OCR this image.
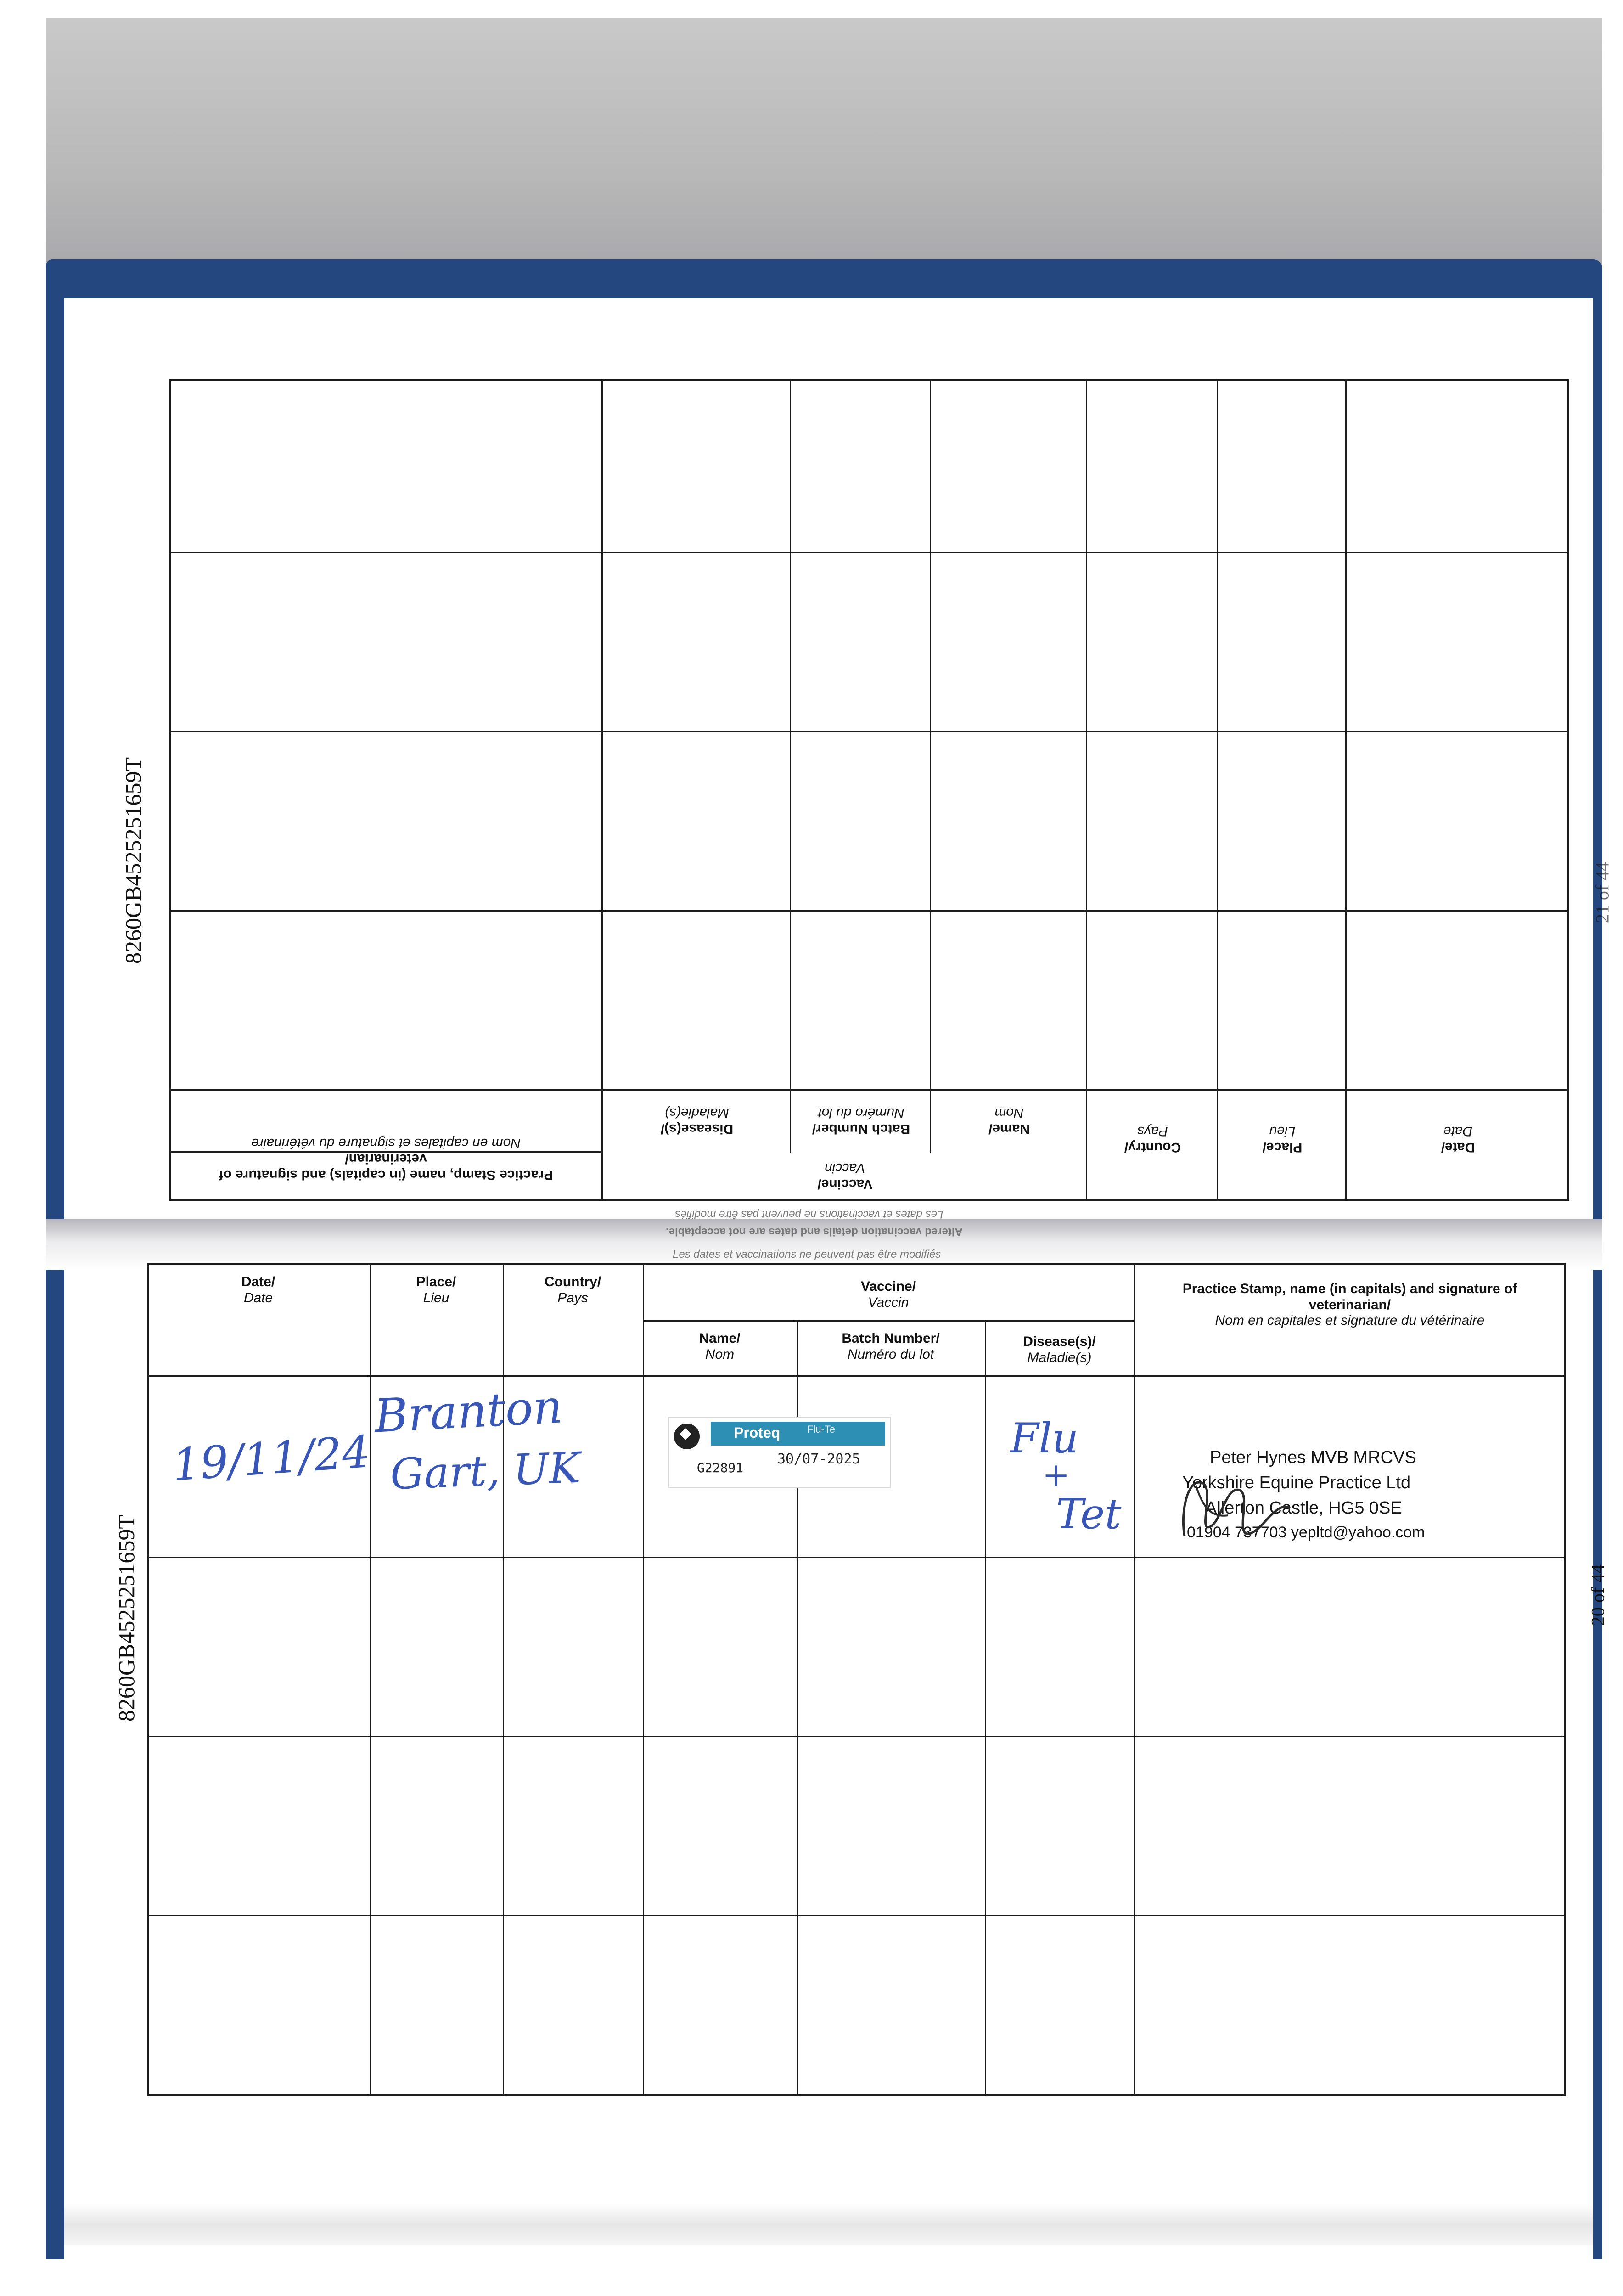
8260GB4525251659T
8260GB4525251659T
21 of 44
20 of 44
Date/
Date
Place/
Lieu
Country/
Pays
Vaccine/
Vaccin
Name/
Nom
Batch Number/
Numéro du lot
Disease(s)/
Maladie(s)
Practice Stamp, name (in capitals) and signature of veterinarian/
Nom en capitales et signature du vétérinaire
Altered vaccination details and dates are not acceptable.
Les dates et vaccinations ne peuvent pas être modifiés
Les dates et vaccinations ne peuvent pas être modifiés
Date/
Date
Place/
Lieu
Country/
Pays
Vaccine/
Vaccin
Name/
Nom
Batch Number/
Numéro du lot
Disease(s)/
Maladie(s)
Practice Stamp, name (in capitals) and signature of veterinarian/
Nom en capitales et signature du vétérinaire
19/11/24
Branton
Gart, UK
Flu
+
Tet
Proteq	Flu-Te
G22891
30/07-2025	Peter Hynes MVB MRCVS
Yorkshire Equine Practice Ltd
Allerton Castle, HG5 0SE
01904 737703 yepltd@yahoo.com
